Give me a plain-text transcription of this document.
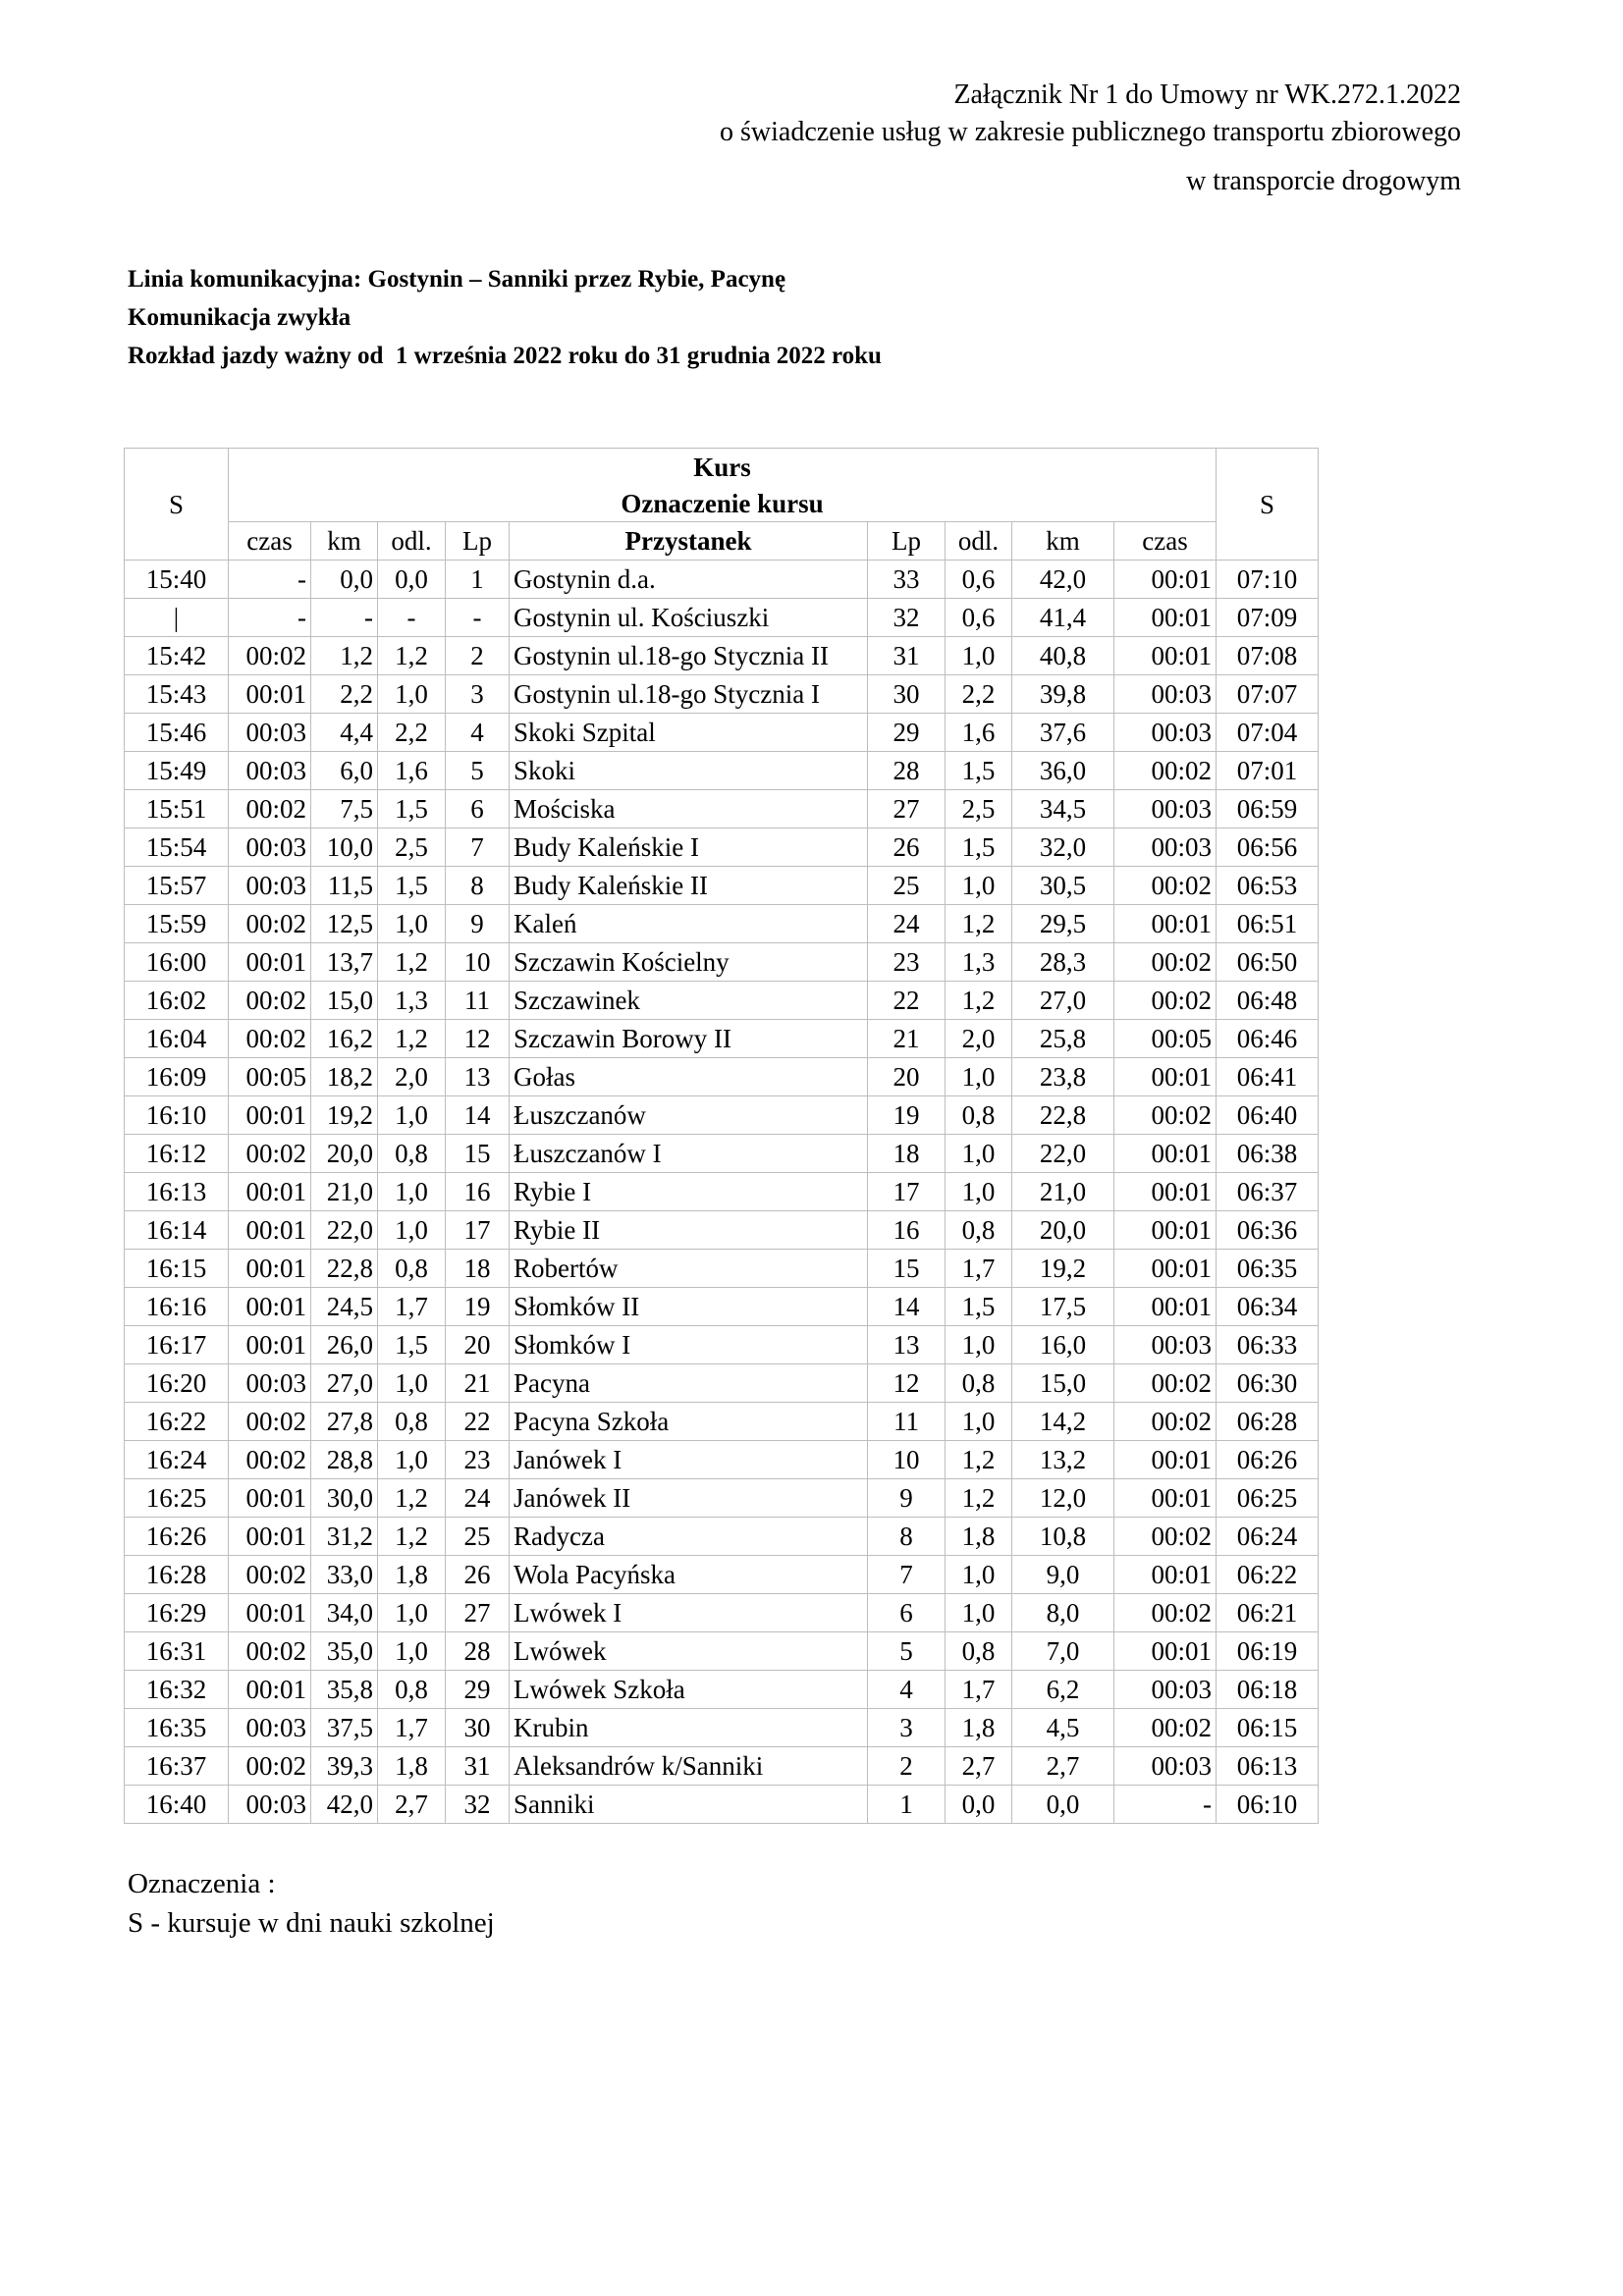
Załącznik Nr 1 do Umowy nr WK.272.1.2022
o świadczenie usług w zakresie publicznego transportu zbiorowego
w transporcie drogowym
Linia komunikacyjna: Gostynin – Sanniki przez Rybie, Pacynę
Komunikacja zwykła
Rozkład jazdy ważny od  1 września 2022 roku do 31 grudnia 2022 roku
S	Kurs									S
	Oznaczenie kursu									
	czas	km	odl.	Lp	Przystanek	Lp	odl.	km	czas	
15:40	-	0,0	0,0	1	Gostynin d.a.	33	0,6	42,0	00:01	07:10
|	-	-	-	-	Gostynin ul. Kościuszki	32	0,6	41,4	00:01	07:09
15:42	00:02	1,2	1,2	2	Gostynin ul.18-go Stycznia II	31	1,0	40,8	00:01	07:08
15:43	00:01	2,2	1,0	3	Gostynin ul.18-go Stycznia I	30	2,2	39,8	00:03	07:07
15:46	00:03	4,4	2,2	4	Skoki Szpital	29	1,6	37,6	00:03	07:04
15:49	00:03	6,0	1,6	5	Skoki	28	1,5	36,0	00:02	07:01
15:51	00:02	7,5	1,5	6	Mościska	27	2,5	34,5	00:03	06:59
15:54	00:03	10,0	2,5	7	Budy Kaleńskie I	26	1,5	32,0	00:03	06:56
15:57	00:03	11,5	1,5	8	Budy Kaleńskie II	25	1,0	30,5	00:02	06:53
15:59	00:02	12,5	1,0	9	Kaleń	24	1,2	29,5	00:01	06:51
16:00	00:01	13,7	1,2	10	Szczawin Kościelny	23	1,3	28,3	00:02	06:50
16:02	00:02	15,0	1,3	11	Szczawinek	22	1,2	27,0	00:02	06:48
16:04	00:02	16,2	1,2	12	Szczawin Borowy II	21	2,0	25,8	00:05	06:46
16:09	00:05	18,2	2,0	13	Gołas	20	1,0	23,8	00:01	06:41
16:10	00:01	19,2	1,0	14	Łuszczanów	19	0,8	22,8	00:02	06:40
16:12	00:02	20,0	0,8	15	Łuszczanów I	18	1,0	22,0	00:01	06:38
16:13	00:01	21,0	1,0	16	Rybie I	17	1,0	21,0	00:01	06:37
16:14	00:01	22,0	1,0	17	Rybie II	16	0,8	20,0	00:01	06:36
16:15	00:01	22,8	0,8	18	Robertów	15	1,7	19,2	00:01	06:35
16:16	00:01	24,5	1,7	19	Słomków II	14	1,5	17,5	00:01	06:34
16:17	00:01	26,0	1,5	20	Słomków I	13	1,0	16,0	00:03	06:33
16:20	00:03	27,0	1,0	21	Pacyna	12	0,8	15,0	00:02	06:30
16:22	00:02	27,8	0,8	22	Pacyna Szkoła	11	1,0	14,2	00:02	06:28
16:24	00:02	28,8	1,0	23	Janówek I	10	1,2	13,2	00:01	06:26
16:25	00:01	30,0	1,2	24	Janówek II	9	1,2	12,0	00:01	06:25
16:26	00:01	31,2	1,2	25	Radycza	8	1,8	10,8	00:02	06:24
16:28	00:02	33,0	1,8	26	Wola Pacyńska	7	1,0	9,0	00:01	06:22
16:29	00:01	34,0	1,0	27	Lwówek I	6	1,0	8,0	00:02	06:21
16:31	00:02	35,0	1,0	28	Lwówek	5	0,8	7,0	00:01	06:19
16:32	00:01	35,8	0,8	29	Lwówek Szkoła	4	1,7	6,2	00:03	06:18
16:35	00:03	37,5	1,7	30	Krubin	3	1,8	4,5	00:02	06:15
16:37	00:02	39,3	1,8	31	Aleksandrów k/Sanniki	2	2,7	2,7	00:03	06:13
16:40	00:03	42,0	2,7	32	Sanniki	1	0,0	0,0	-	06:10
Oznaczenia :
S - kursuje w dni nauki szkolnej
